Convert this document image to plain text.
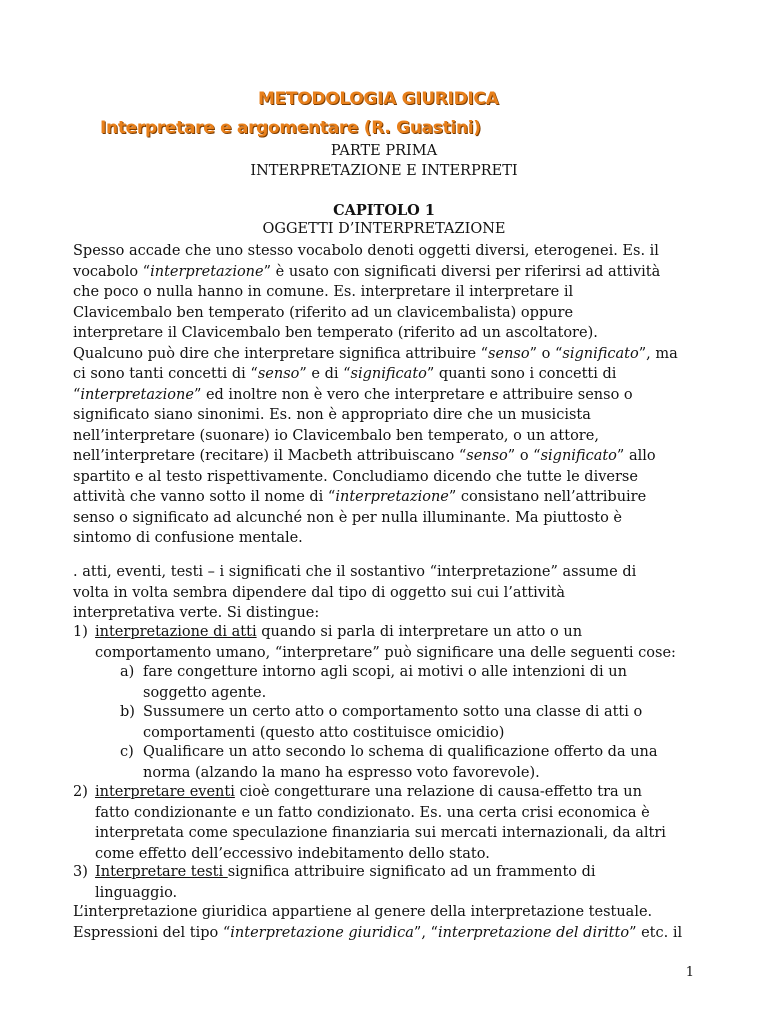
METODOLOGIA GIURIDICA
Interpretare e argomentare (R. Guastini)
PARTE PRIMA
INTERPRETAZIONE E INTERPRETI
CAPITOLO 1
OGGETTI D’INTERPRETAZIONE
Spesso accade che uno stesso vocabolo denoti oggetti diversi, eterogenei. Es. il
vocabolo “interpretazione” è usato con significati diversi per riferirsi ad attività
che poco o nulla hanno in comune. Es. interpretare il interpretare il
Clavicembalo ben temperato (riferito ad un clavicembalista) oppure
interpretare il Clavicembalo ben temperato (riferito ad un ascoltatore).
Qualcuno può dire che interpretare significa attribuire “senso” o “significato”, ma
ci sono tanti concetti di “senso” e di “significato” quanti sono i concetti di
“interpretazione” ed inoltre non è vero che interpretare e attribuire senso o
significato siano sinonimi. Es. non è appropriato dire che un musicista
nell’interpretare (suonare) io Clavicembalo ben temperato, o un attore,
nell’interpretare (recitare) il Macbeth attribuiscano “senso” o “significato” allo
spartito e al testo rispettivamente. Concludiamo dicendo che tutte le diverse
attività che vanno sotto il nome di “interpretazione” consistano nell’attribuire
senso o significato ad alcunché non è per nulla illuminante. Ma piuttosto è
sintomo di confusione mentale.
. atti, eventi, testi – i significati che il sostantivo “interpretazione” assume di
volta in volta sembra dipendere dal tipo di oggetto sui cui l’attività
interpretativa verte. Si distingue:
1) interpretazione di atti quando si parla di interpretare un atto o un
comportamento umano, “interpretare” può significare una delle seguenti cose:
a) fare congetture intorno agli scopi, ai motivi o alle intenzioni di un
soggetto agente.
b) Sussumere un certo atto o comportamento sotto una classe di atti o
comportamenti (questo atto costituisce omicidio)
c) Qualificare un atto secondo lo schema di qualificazione offerto da una
norma (alzando la mano ha espresso voto favorevole).
2) interpretare eventi cioè congetturare una relazione di causa-effetto tra un
fatto condizionante e un fatto condizionato. Es. una certa crisi economica è
interpretata come speculazione finanziaria sui mercati internazionali, da altri
come effetto dell’eccessivo indebitamento dello stato.
3) Interpretare testi significa attribuire significato ad un frammento di
linguaggio.
L’interpretazione giuridica appartiene al genere della interpretazione testuale.
Espressioni del tipo “interpretazione giuridica”, “interpretazione del diritto” etc. il
1
